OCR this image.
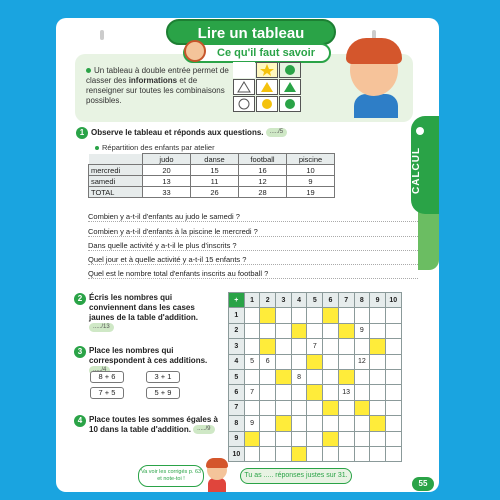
Lire un tableau
Ce qu'il faut savoir
Un tableau à double entrée permet de classer des informations et de renseigner sur toutes les combinaisons possibles.
CALCUL
1 Observe le tableau et réponds aux questions. ...../5
Répartition des enfants par atelier
	judo	danse	football	piscine
mercredi	20	15	16	10
samedi	13	11	12	9
TOTAL	33	26	28	19
Combien y a-t-il d'enfants au judo le samedi ?
Combien y a-t-il d'enfants à la piscine le mercredi ?
Dans quelle activité y a-t-il le plus d'inscrits ?
Quel jour et à quelle activité y a-t-il 15 enfants ?
Quel est le nombre total d'enfants inscrits au football ?
2 Écris les nombres qui conviennent dans les cases jaunes de la table d'addition. ...../13
3 Place les nombres qui correspondent à ces additions.
8 + 6	3 + 1
7 + 5	5 + 9
4 Place toutes les sommes égales à 10 dans la table d'addition. ...../9
+	1	2	3	4	5	6	7	8	9	10
1										
2								9		
3					7					
4	5	6						12		
5				8						
6	7						13			
7										
8	9									
9										
10										
Va voir les corrigés p. 63 et note-toi !	Tu as ..... réponses justes sur 31.
55
